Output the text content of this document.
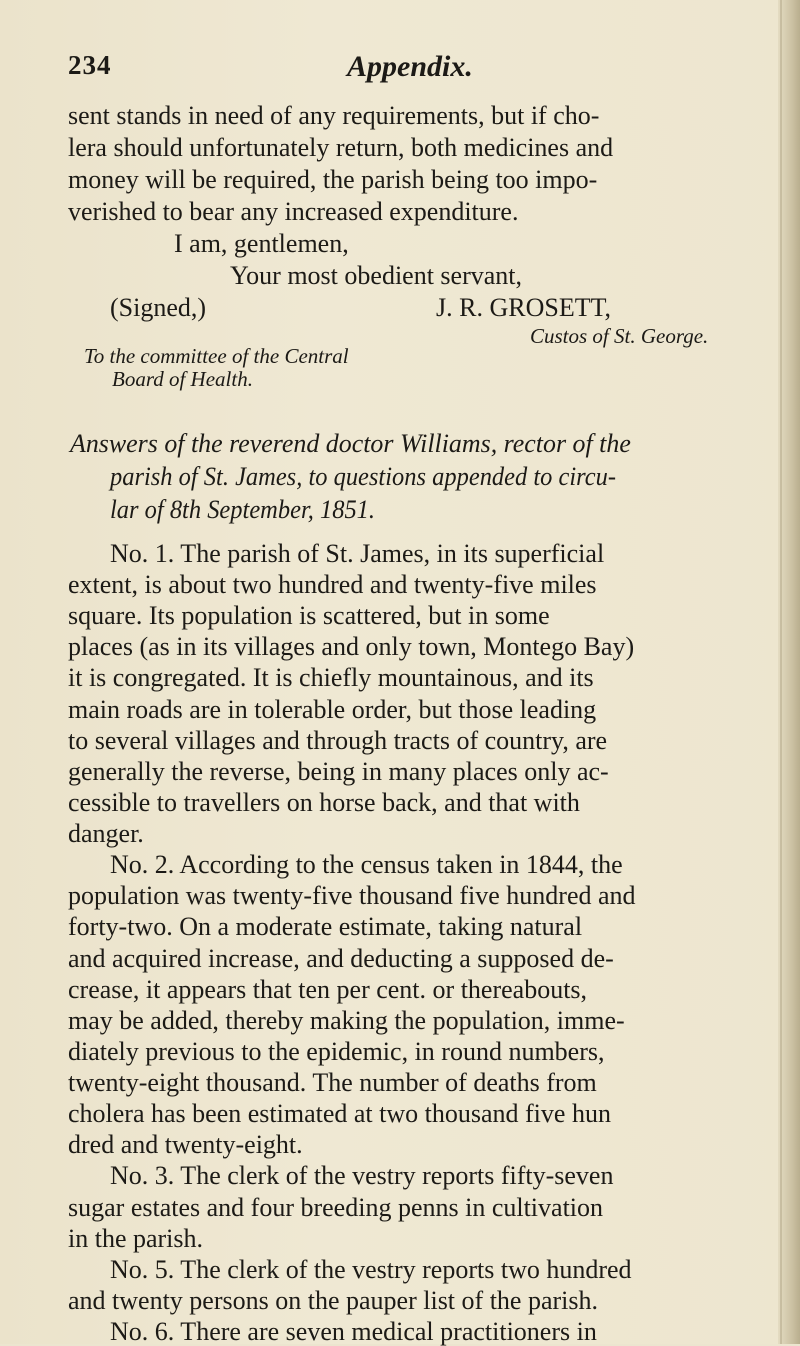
234	Appendix.
sent stands in need of any requirements, but if cho-
lera should unfortunately return, both medicines and
money will be required, the parish being too impo-
verished to bear any increased expenditure.
I am, gentlemen,
Your most obedient servant,
(Signed,)	J. R. GROSETT,
Custos of St. George.
To the committee of the Central
Board of Health.
Answers of the reverend doctor Williams, rector of the
parish of St. James, to questions appended to circu-
lar of 8th September, 1851.
No. 1. The parish of St. James, in its superficial
extent, is about two hundred and twenty-five miles
square. Its population is scattered, but in some
places (as in its villages and only town, Montego Bay)
it is congregated. It is chiefly mountainous, and its
main roads are in tolerable order, but those leading
to several villages and through tracts of country, are
generally the reverse, being in many places only ac-
cessible to travellers on horse back, and that with
danger.
No. 2. According to the census taken in 1844, the
population was twenty-five thousand five hundred and
forty-two. On a moderate estimate, taking natural
and acquired increase, and deducting a supposed de-
crease, it appears that ten per cent. or thereabouts,
may be added, thereby making the population, imme-
diately previous to the epidemic, in round numbers,
twenty-eight thousand. The number of deaths from
cholera has been estimated at two thousand five hun
dred and twenty-eight.
No. 3. The clerk of the vestry reports fifty-seven
sugar estates and four breeding penns in cultivation
in the parish.
No. 5. The clerk of the vestry reports two hundred
and twenty persons on the pauper list of the parish.
No. 6. There are seven medical practitioners in
